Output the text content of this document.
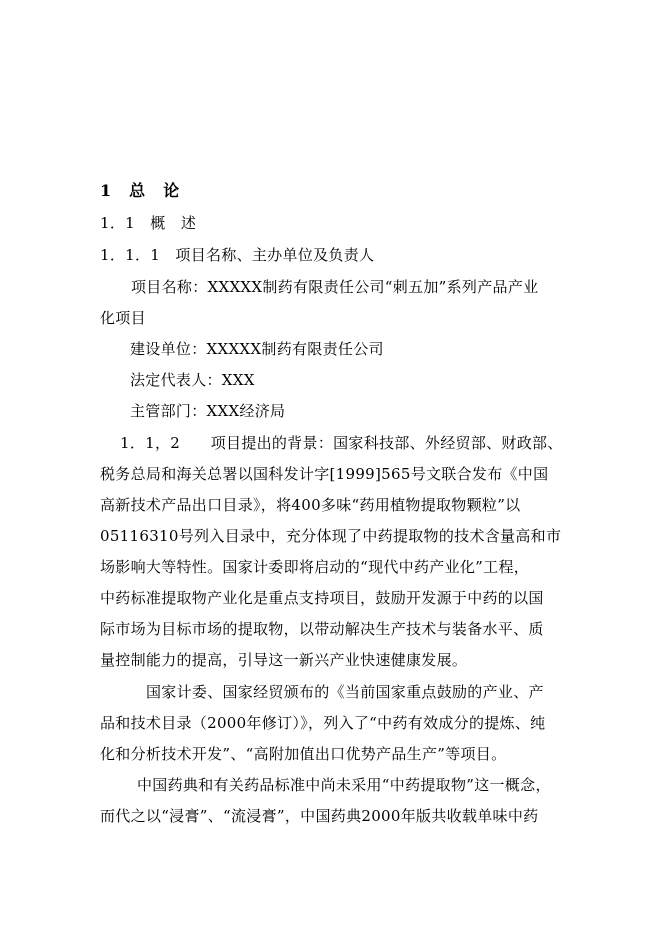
1　总　论
1．1　概　述
1．1．1　项目名称、主办单位及负责人
项目名称：XXXXX制药有限责任公司“刺五加”系列产品产业
化项目
建设单位：XXXXX制药有限责任公司
法定代表人：XXX
主管部门：XXX经济局
1．1，2　　项目提出的背景：国家科技部、外经贸部、财政部、
税务总局和海关总署以国科发计字[1999]565号文联合发布《中国
高新技术产品出口目录》，将400多味“药用植物提取物颗粒”以
05116310号列入目录中，充分体现了中药提取物的技术含量高和市
场影响大等特性。国家计委即将启动的“现代中药产业化”工程，
中药标准提取物产业化是重点支持项目，鼓励开发源于中药的以国
际市场为目标市场的提取物，以带动解决生产技术与装备水平、质
量控制能力的提高，引导这一新兴产业快速健康发展。
国家计委、国家经贸颁布的《当前国家重点鼓励的产业、产
品和技术目录（2000年修订）》，列入了“中药有效成分的提炼、纯
化和分析技术开发”、“高附加值出口优势产品生产”等项目。
中国药典和有关药品标准中尚未采用“中药提取物”这一概念，
而代之以“浸膏”、“流浸膏”，中国药典2000年版共收载单味中药
